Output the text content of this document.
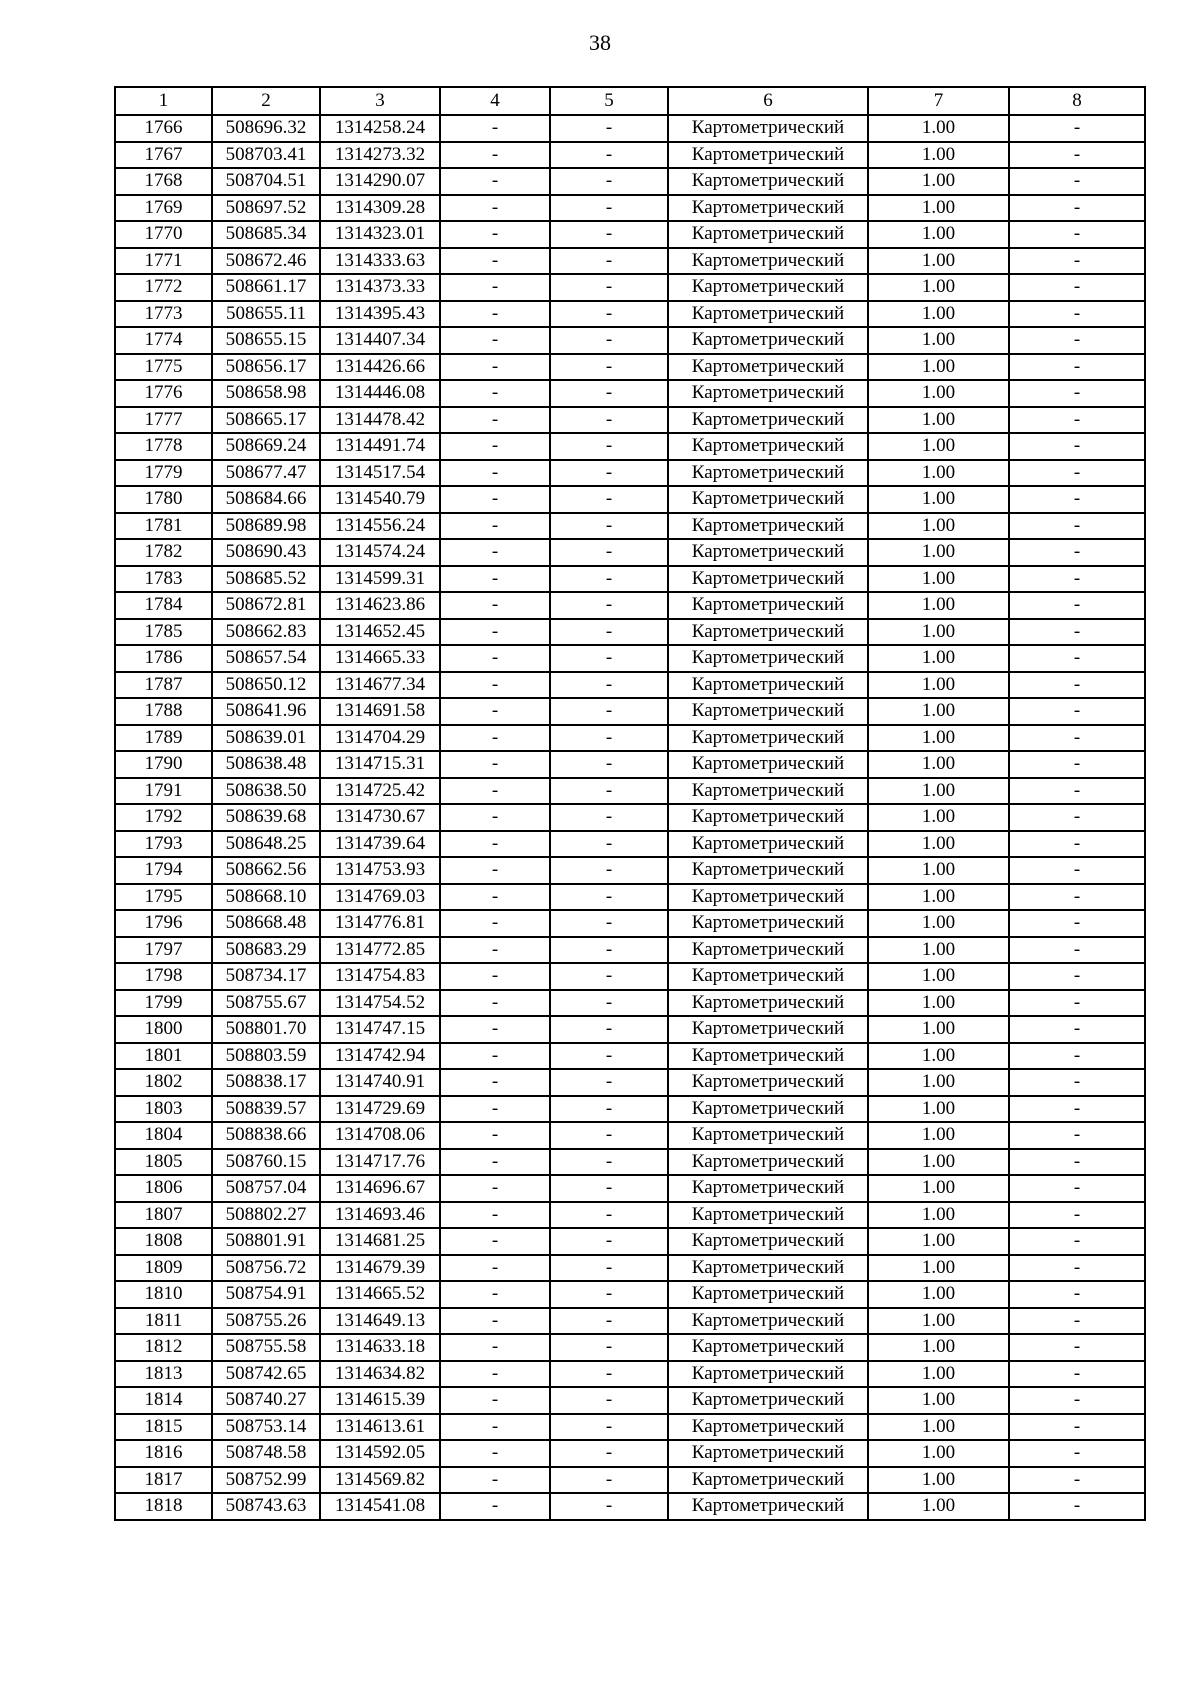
38
1	2	3	4	5	6	7	8
1766	508696.32	1314258.24	-	-	Картометрический	1.00	-
1767	508703.41	1314273.32	-	-	Картометрический	1.00	-
1768	508704.51	1314290.07	-	-	Картометрический	1.00	-
1769	508697.52	1314309.28	-	-	Картометрический	1.00	-
1770	508685.34	1314323.01	-	-	Картометрический	1.00	-
1771	508672.46	1314333.63	-	-	Картометрический	1.00	-
1772	508661.17	1314373.33	-	-	Картометрический	1.00	-
1773	508655.11	1314395.43	-	-	Картометрический	1.00	-
1774	508655.15	1314407.34	-	-	Картометрический	1.00	-
1775	508656.17	1314426.66	-	-	Картометрический	1.00	-
1776	508658.98	1314446.08	-	-	Картометрический	1.00	-
1777	508665.17	1314478.42	-	-	Картометрический	1.00	-
1778	508669.24	1314491.74	-	-	Картометрический	1.00	-
1779	508677.47	1314517.54	-	-	Картометрический	1.00	-
1780	508684.66	1314540.79	-	-	Картометрический	1.00	-
1781	508689.98	1314556.24	-	-	Картометрический	1.00	-
1782	508690.43	1314574.24	-	-	Картометрический	1.00	-
1783	508685.52	1314599.31	-	-	Картометрический	1.00	-
1784	508672.81	1314623.86	-	-	Картометрический	1.00	-
1785	508662.83	1314652.45	-	-	Картометрический	1.00	-
1786	508657.54	1314665.33	-	-	Картометрический	1.00	-
1787	508650.12	1314677.34	-	-	Картометрический	1.00	-
1788	508641.96	1314691.58	-	-	Картометрический	1.00	-
1789	508639.01	1314704.29	-	-	Картометрический	1.00	-
1790	508638.48	1314715.31	-	-	Картометрический	1.00	-
1791	508638.50	1314725.42	-	-	Картометрический	1.00	-
1792	508639.68	1314730.67	-	-	Картометрический	1.00	-
1793	508648.25	1314739.64	-	-	Картометрический	1.00	-
1794	508662.56	1314753.93	-	-	Картометрический	1.00	-
1795	508668.10	1314769.03	-	-	Картометрический	1.00	-
1796	508668.48	1314776.81	-	-	Картометрический	1.00	-
1797	508683.29	1314772.85	-	-	Картометрический	1.00	-
1798	508734.17	1314754.83	-	-	Картометрический	1.00	-
1799	508755.67	1314754.52	-	-	Картометрический	1.00	-
1800	508801.70	1314747.15	-	-	Картометрический	1.00	-
1801	508803.59	1314742.94	-	-	Картометрический	1.00	-
1802	508838.17	1314740.91	-	-	Картометрический	1.00	-
1803	508839.57	1314729.69	-	-	Картометрический	1.00	-
1804	508838.66	1314708.06	-	-	Картометрический	1.00	-
1805	508760.15	1314717.76	-	-	Картометрический	1.00	-
1806	508757.04	1314696.67	-	-	Картометрический	1.00	-
1807	508802.27	1314693.46	-	-	Картометрический	1.00	-
1808	508801.91	1314681.25	-	-	Картометрический	1.00	-
1809	508756.72	1314679.39	-	-	Картометрический	1.00	-
1810	508754.91	1314665.52	-	-	Картометрический	1.00	-
1811	508755.26	1314649.13	-	-	Картометрический	1.00	-
1812	508755.58	1314633.18	-	-	Картометрический	1.00	-
1813	508742.65	1314634.82	-	-	Картометрический	1.00	-
1814	508740.27	1314615.39	-	-	Картометрический	1.00	-
1815	508753.14	1314613.61	-	-	Картометрический	1.00	-
1816	508748.58	1314592.05	-	-	Картометрический	1.00	-
1817	508752.99	1314569.82	-	-	Картометрический	1.00	-
1818	508743.63	1314541.08	-	-	Картометрический	1.00	-
